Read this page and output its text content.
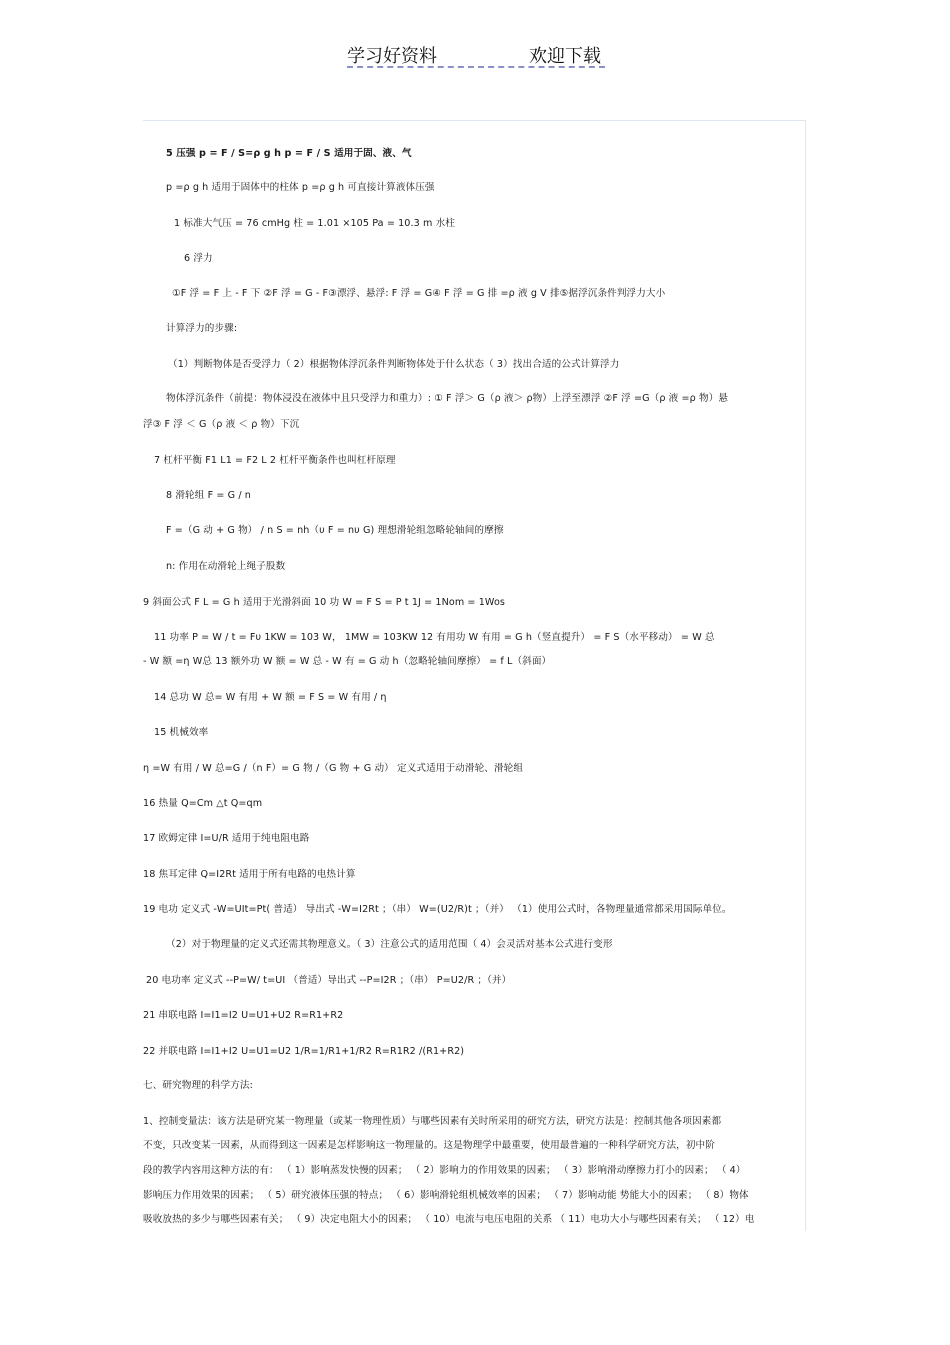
学习好资料	欢迎下载
5 压强 p = F / S=ρ g h p = F / S 适用于固、液、气
p =ρ g h 适用于固体中的柱体 p =ρ g h 可直接计算液体压强
1 标准大气压 = 76 cmHg 柱 = 1.01 ×105 Pa = 10.3 m 水柱
6 浮力
①F 浮 = F 上 - F 下 ②F 浮 = G - F③漂浮、悬浮: F 浮 = G④ F 浮 = G 排 =ρ 液 g V 排⑤据浮沉条件判浮力大小
计算浮力的步骤:
（1）判断物体是否受浮力（ 2）根据物体浮沉条件判断物体处于什么状态（ 3）找出合适的公式计算浮力
物体浮沉条件（前提：物体浸没在液体中且只受浮力和重力）: ① F 浮＞ G（ρ 液＞ ρ物）上浮至漂浮 ②F 浮 =G（ρ 液 =ρ 物）悬
浮③ F 浮 ＜ G（ρ 液 ＜ ρ 物）下沉
7 杠杆平衡 F1 L1 = F2 L 2 杠杆平衡条件也叫杠杆原理
8 滑轮组 F = G / n
F =（G 动 + G 物） / n S = nh（υ F = nυ G) 理想滑轮组忽略轮轴间的摩擦
n: 作用在动滑轮上绳子股数
9 斜面公式 F L = G h 适用于光滑斜面 10 功 W = F S = P t 1J = 1Nom = 1Wos
11 功率 P = W / t = Fυ 1KW = 103 W， 1MW = 103KW 12 有用功 W 有用 = G h（竖直提升） = F S（水平移动） = W 总
- W 额 =η W总 13 额外功 W 额 = W 总 - W 有 = G 动 h（忽略轮轴间摩擦） = f L（斜面）
14 总功 W 总= W 有用 + W 额 = F S = W 有用 / η
15 机械效率
η =W 有用 / W 总=G /（n F）= G 物 /（G 物 + G 动） 定义式适用于动滑轮、滑轮组
16 热量 Q=Cm △t Q=qm
17 欧姆定律 I=U/R 适用于纯电阻电路
18 焦耳定律 Q=I2Rt 适用于所有电路的电热计算
19 电功 定义式 -W=UIt=Pt( 普适） 导出式 -W=I2Rt ；（串） W=(U2/R)t ；（并） （1）使用公式时，各物理量通常都采用国际单位。
（2）对于物理量的定义式还需其物理意义。（ 3）注意公式的适用范围（ 4）会灵活对基本公式进行变形
20 电功率 定义式 --P=W/ t=UI （普适）导出式 --P=I2R ；（串） P=U2/R ；（并）
21 串联电路 I=I1=I2 U=U1+U2 R=R1+R2
22 并联电路 I=I1+I2 U=U1=U2 1/R=1/R1+1/R2 R=R1R2 /(R1+R2)
七、研究物理的科学方法:
1、控制变量法：该方法是研究某一物理量（或某一物理性质）与哪些因素有关时所采用的研究方法，研究方法是：控制其他各项因素都
不变，只改变某一因素，从而得到这一因素是怎样影响这一物理量的。这是物理学中最重要，使用最普遍的一种科学研究方法，初中阶
段的教学内容用这种方法的有： （ 1）影响蒸发快慢的因素； （ 2）影响力的作用效果的因素； （ 3）影响滑动摩擦力打小的因素； （ 4）
影响压力作用效果的因素； （ 5）研究液体压强的特点； （ 6）影响滑轮组机械效率的因素； （ 7）影响动能 势能大小的因素； （ 8）物体
吸收放热的多少与哪些因素有关； （ 9）决定电阻大小的因素； （ 10）电流与电压电阻的关系 （ 11）电功大小与哪些因素有关； （ 12）电
